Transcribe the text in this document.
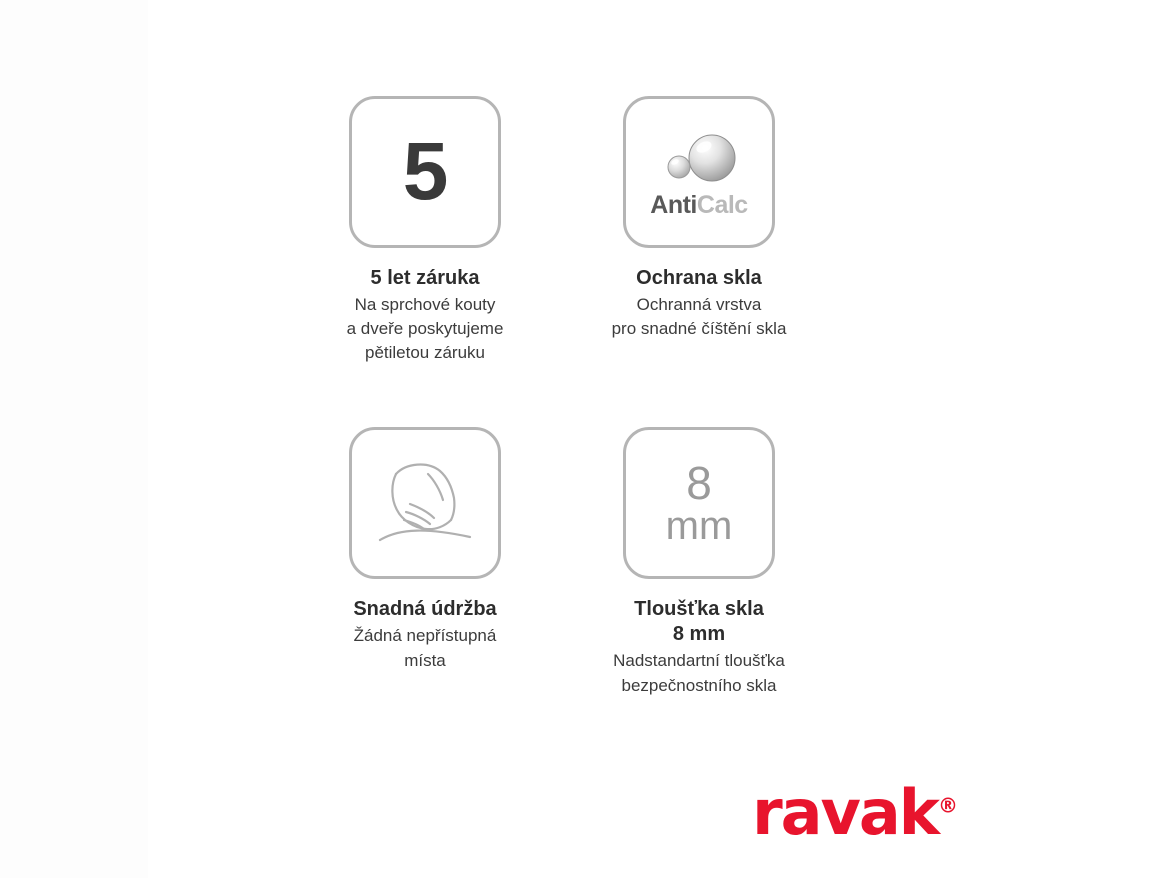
5
5 let záruka
Na sprchové kouty
a dveře poskytujeme
pětiletou záruku
AntiCalc
Ochrana skla
Ochranná vrstva
pro snadné číštění skla
Snadná údržba
Žádná nepřístupná
místa
8
mm
Tloušťka skla
8 mm
Nadstandartní tloušťka
bezpečnostního skla
ravak®
